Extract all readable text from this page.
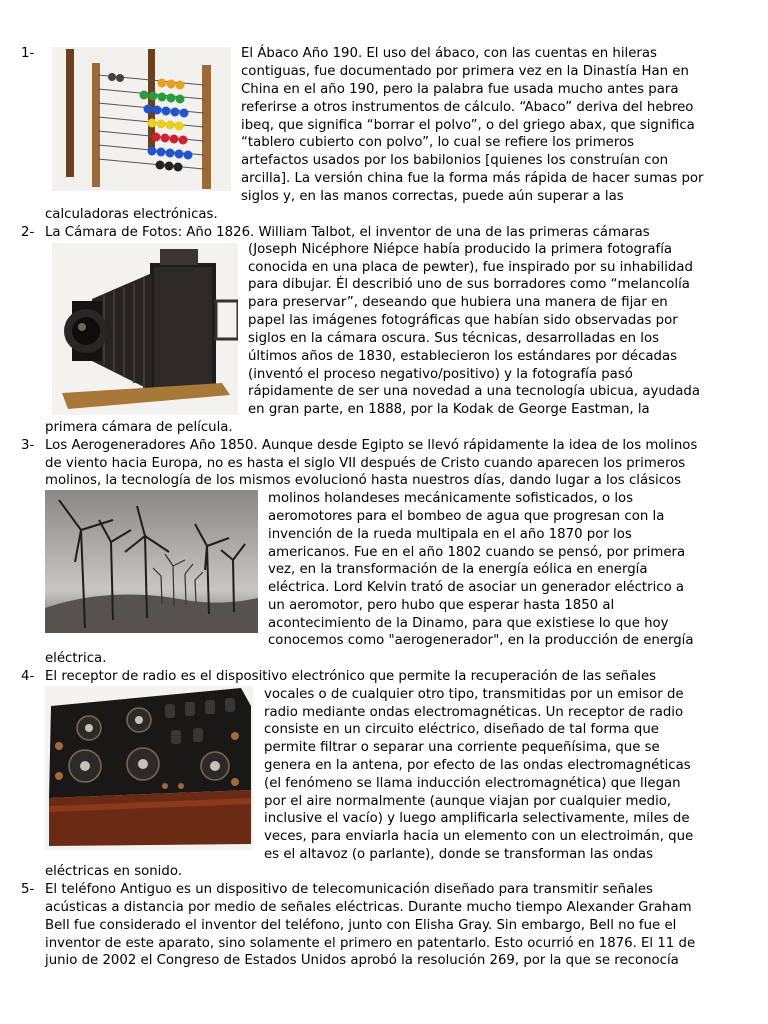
1-	El Ábaco Año 190. El uso del ábaco, con las cuentas en hileras
contiguas, fue documentado por primera vez en la Dinastía Han en
China en el año 190, pero la palabra fue usada mucho antes para
referirse a otros instrumentos de cálculo. “Abaco” deriva del hebreo
ibeq, que significa “borrar el polvo”, o del griego abax, que significa
“tablero cubierto con polvo”, lo cual se refiere los primeros
artefactos usados por los babilonios [quienes los construían con
arcilla]. La versión china fue la forma más rápida de hacer sumas por
siglos y, en las manos correctas, puede aún superar a las
calculadoras electrónicas.
2- La Cámara de Fotos: Año 1826. William Talbot, el inventor de una de las primeras cámaras
(Joseph Nicéphore Niépce había producido la primera fotografía
conocida en una placa de pewter), fue inspirado por su inhabilidad
para dibujar. Él describió uno de sus borradores como “melancolía
para preservar”, deseando que hubiera una manera de fijar en
papel las imágenes fotográficas que habían sido observadas por
siglos en la cámara oscura. Sus técnicas, desarrolladas en los
últimos años de 1830, establecieron los estándares por décadas
(inventó el proceso negativo/positivo) y la fotografía pasó
rápidamente de ser una novedad a una tecnología ubicua, ayudada
en gran parte, en 1888, por la Kodak de George Eastman, la
primera cámara de película.
3- Los Aerogeneradores Año 1850. Aunque desde Egipto se llevó rápidamente la idea de los molinos
de viento hacia Europa, no es hasta el siglo VII después de Cristo cuando aparecen los primeros
molinos, la tecnología de los mismos evolucionó hasta nuestros días, dando lugar a los clásicos
molinos holandeses mecánicamente sofisticados, o los
aeromotores para el bombeo de agua que progresan con la
invención de la rueda multipala en el año 1870 por los
americanos. Fue en el año 1802 cuando se pensó, por primera
vez, en la transformación de la energía eólica en energía
eléctrica. Lord Kelvin trató de asociar un generador eléctrico a
un aeromotor, pero hubo que esperar hasta 1850 al
acontecimiento de la Dinamo, para que existiese lo que hoy
conocemos como "aerogenerador", en la producción de energía
eléctrica.
4- El receptor de radio es el dispositivo electrónico que permite la recuperación de las señales
vocales o de cualquier otro tipo, transmitidas por un emisor de
radio mediante ondas electromagnéticas. Un receptor de radio
consiste en un circuito eléctrico, diseñado de tal forma que
permite filtrar o separar una corriente pequeñísima, que se
genera en la antena, por efecto de las ondas electromagnéticas
(el fenómeno se llama inducción electromagnética) que llegan
por el aire normalmente (aunque viajan por cualquier medio,
inclusive el vacío) y luego amplificarla selectivamente, miles de
veces, para enviarla hacia un elemento con un electroimán, que
es el altavoz (o parlante), donde se transforman las ondas
eléctricas en sonido.
5- El teléfono Antiguo es un dispositivo de telecomunicación diseñado para transmitir señales
acústicas a distancia por medio de señales eléctricas. Durante mucho tiempo Alexander Graham
Bell fue considerado el inventor del teléfono, junto con Elisha Gray. Sin embargo, Bell no fue el
inventor de este aparato, sino solamente el primero en patentarlo. Esto ocurrió en 1876. El 11 de
junio de 2002 el Congreso de Estados Unidos aprobó la resolución 269, por la que se reconocía
